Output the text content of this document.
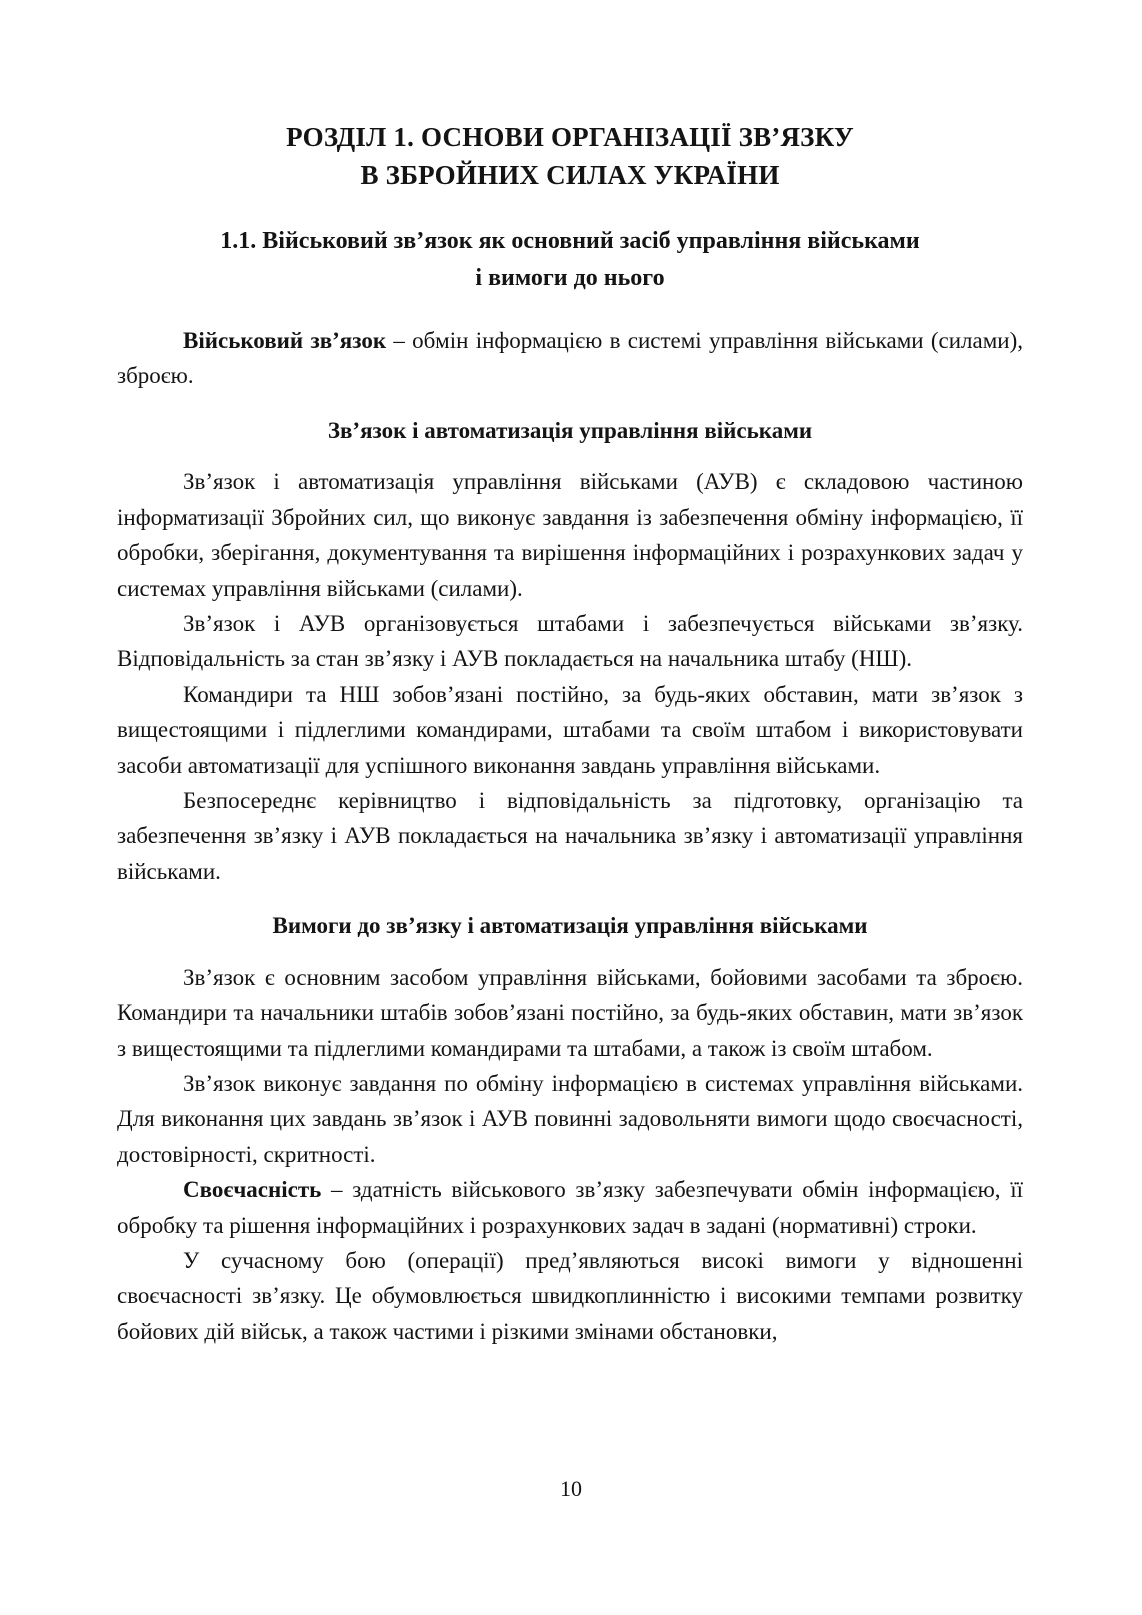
РОЗДІЛ 1. ОСНОВИ ОРГАНІЗАЦІЇ ЗВ’ЯЗКУ
В ЗБРОЙНИХ СИЛАХ УКРАЇНИ
1.1. Військовий зв’язок як основний засіб управління військами
і вимоги до нього

Військовий зв’язок – обмін інформацією в системі управління військами (силами), зброєю.

Зв’язок і автоматизація управління військами

Зв’язок і автоматизація управління військами (АУВ) є складовою частиною інформатизації Збройних сил, що виконує завдання із забезпечення обміну інформацією, її обробки, зберігання, документування та вирішення інформаційних і розрахункових задач у системах управління військами (силами).

Зв’язок і АУВ організовується штабами і забезпечується військами зв’язку. Відповідальність за стан зв’язку і АУВ покладається на начальника штабу (НШ).

Командири та НШ зобов’язані постійно, за будь-яких обставин, мати зв’язок з вищестоящими і підлеглими командирами, штабами та своїм штабом і використовувати засоби автоматизації для успішного виконання завдань управління військами.

Безпосереднє керівництво і відповідальність за підготовку, організацію та забезпечення зв’язку і АУВ покладається на начальника зв’язку і автоматизації управління військами.

Вимоги до зв’язку і автоматизація управління військами

Зв’язок є основним засобом управління військами, бойовими засобами та зброєю. Командири та начальники штабів зобов’язані постійно, за будь-яких обставин, мати зв’язок з вищестоящими та підлеглими командирами та штабами, а також із своїм штабом.

Зв’язок виконує завдання по обміну інформацією в системах управління військами. Для виконання цих завдань зв’язок і АУВ повинні задовольняти вимоги щодо своєчасності, достовірності, скритності.

Своєчасність – здатність військового зв’язку забезпечувати обмін інформацією, її обробку та рішення інформаційних і розрахункових задач в задані (нормативні) строки.

У сучасному бою (операції) пред’являються високі вимоги у відношенні своєчасності зв’язку. Це обумовлюється швидкоплинністю і високими темпами розвитку бойових дій військ, а також частими і різкими змінами обстановки,

10
